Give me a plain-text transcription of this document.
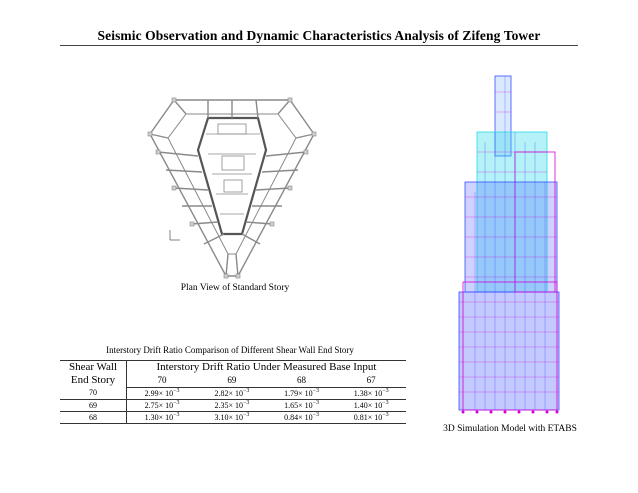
Seismic Observation and Dynamic Characteristics Analysis of Zifeng Tower
Plan View of Standard Story
3D Simulation Model with ETABS
Interstory Drift Ratio Comparison of Different Shear Wall End Story
Shear Wall End Story	Interstory Drift Ratio Under Measured Base Input			
	70	69	68	67
70	$2.99\times 10^{-3}$	$2.82\times 10^{-3}$	$1.79\times 10^{-3}$	$1.38\times 10^{-3}$
69	$2.75\times 10^{-3}$	$2.35\times 10^{-3}$	$1.65\times 10^{-3}$	$1.40\times 10^{-3}$
68	$1.30\times 10^{-3}$	$3.10\times 10^{-3}$	$0.84\times 10^{-3}$	$0.81\times 10^{-3}$
